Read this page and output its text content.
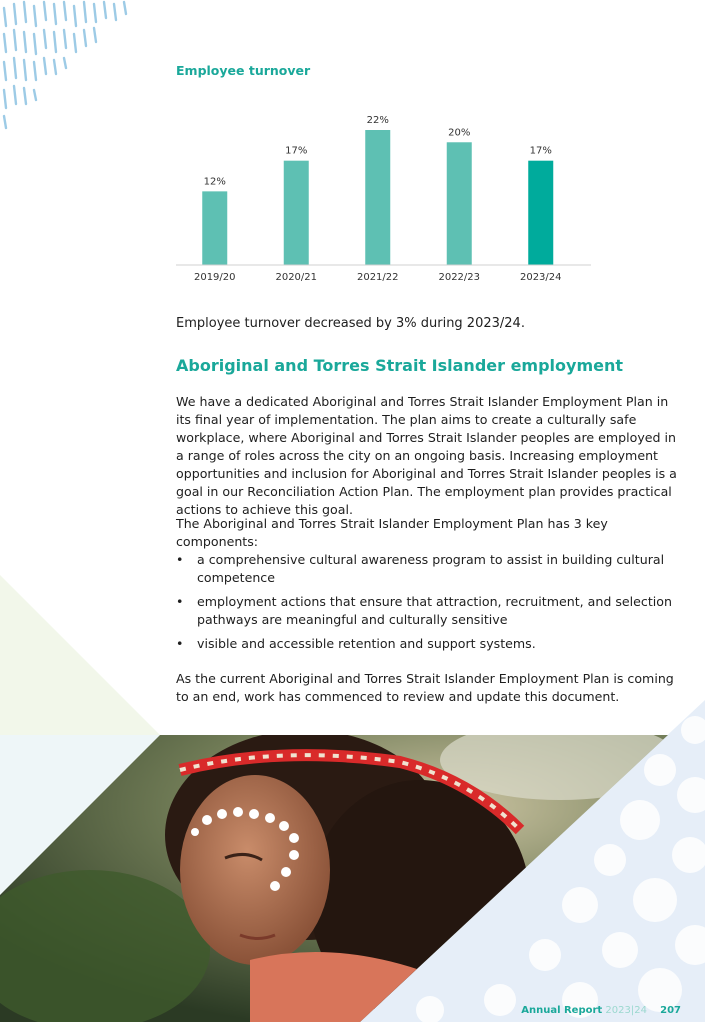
Employee turnover
12%
2019/20
17%
2020/21
22%
2021/22
20%
2022/23
17%
2023/24

Employee turnover decreased by 3% during 2023/24.

Aboriginal and Torres Strait Islander employment

We have a dedicated Aboriginal and Torres Strait Islander Employment Plan in its final year of implementation. The plan aims to create a culturally safe workplace, where Aboriginal and Torres Strait Islander peoples are employed in a range of roles across the city on an ongoing basis. Increasing employment opportunities and inclusion for Aboriginal and Torres Strait Islander peoples is a goal in our Reconciliation Action Plan. The employment plan provides practical actions to achieve this goal.

The Aboriginal and Torres Strait Islander Employment Plan has 3 key components:

• a comprehensive cultural awareness program to assist in building cultural competence
• employment actions that ensure that attraction, recruitment, and selection pathways are meaningful and culturally sensitive
• visible and accessible retention and support systems.

As the current Aboriginal and Torres Strait Islander Employment Plan is coming to an end, work has commenced to review and update this document.

Annual Report 2023|24 207
